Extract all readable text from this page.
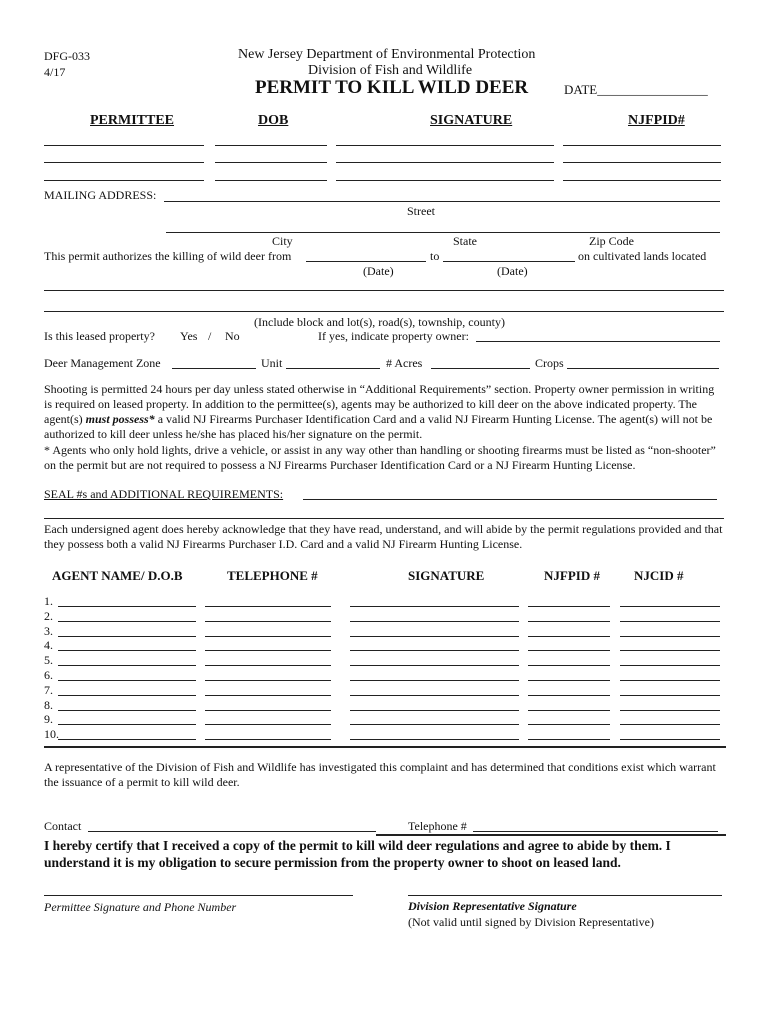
DFG-033
4/17
New Jersey Department of Environmental Protection
Division of Fish and Wildlife
PERMIT TO KILL WILD DEER	DATE_________________
PERMITTEE	DOB	SIGNATURE	NJFPID#
MAILING ADDRESS:
Street
City	State	Zip Code
This permit authorizes the killing of wild deer from	to	on cultivated lands located
(Date)	(Date)
(Include block and lot(s), road(s), township, county)
Is this leased property? Yes / No	If yes, indicate property owner:
Deer Management Zone	Unit	# Acres	Crops
Shooting is permitted 24 hours per day unless stated otherwise in “Additional Requirements” section. Property owner permission in writing is required on leased property. In addition to the permittee(s), agents may be authorized to kill deer on the above indicated property. The agent(s) must possess* a valid NJ Firearms Purchaser Identification Card and a valid NJ Firearm Hunting License. The agent(s) will not be authorized to kill deer unless he/she has placed his/her signature on the permit.
* Agents who only hold lights, drive a vehicle, or assist in any way other than handling or shooting firearms must be listed as “non-shooter” on the permit but are not required to possess a NJ Firearms Purchaser Identification Card or a NJ Firearm Hunting License.
SEAL #s and ADDITIONAL REQUIREMENTS:
Each undersigned agent does hereby acknowledge that they have read, understand, and will abide by the permit regulations provided and that they possess both a valid NJ Firearms Purchaser I.D. Card and a valid NJ Firearm Hunting License.
AGENT NAME/ D.O.B	TELEPHONE #	SIGNATURE	NJFPID #	NJCID #
1.
2.
3.
4.
5.
6.
7.
8.
9.
10.
A representative of the Division of Fish and Wildlife has investigated this complaint and has determined that conditions exist which warrant the issuance of a permit to kill wild deer.
Contact	Telephone #
I hereby certify that I received a copy of the permit to kill wild deer regulations and agree to abide by them. I understand it is my obligation to secure permission from the property owner to shoot on leased land.
Permittee Signature and Phone Number	Division Representative Signature
(Not valid until signed by Division Representative)
